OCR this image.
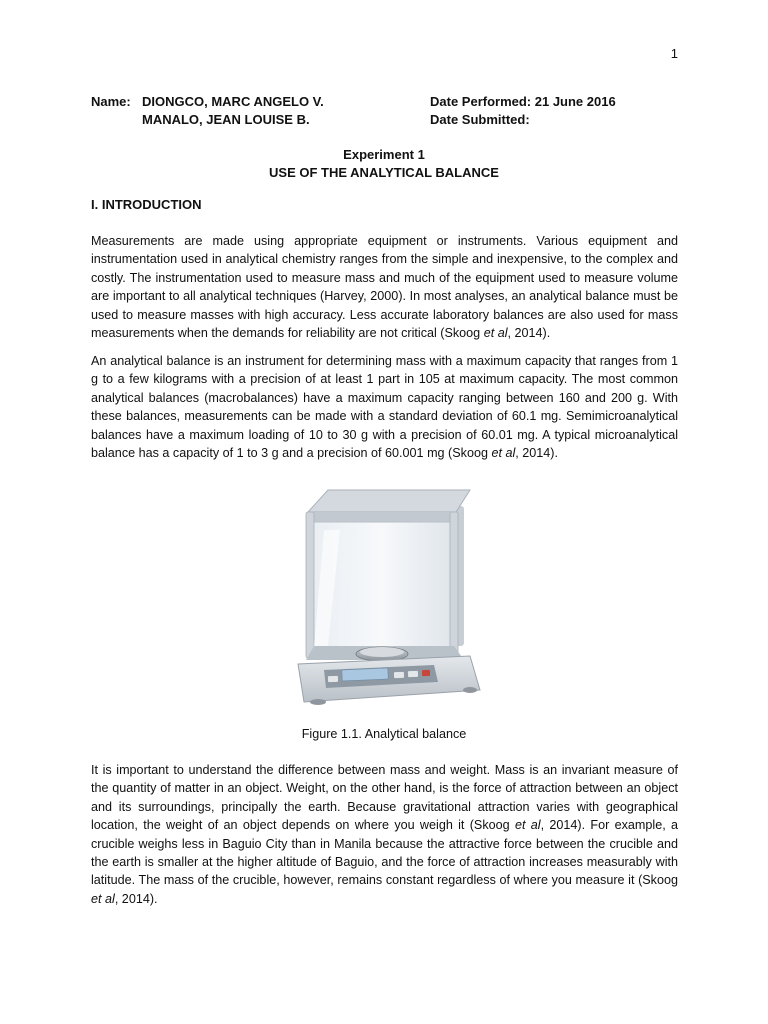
1
Name: DIONGCO, MARC ANGELO V.	Date Performed: 21 June 2016
MANALO, JEAN LOUISE B.	Date Submitted:
Experiment 1
USE OF THE ANALYTICAL BALANCE
I. INTRODUCTION

Measurements are made using appropriate equipment or instruments. Various equipment and instrumentation used in analytical chemistry ranges from the simple and inexpensive, to the complex and costly. The instrumentation used to measure mass and much of the equipment used to measure volume are important to all analytical techniques (Harvey, 2000). In most analyses, an analytical balance must be used to measure masses with high accuracy. Less accurate laboratory balances are also used for mass measurements when the demands for reliability are not critical (Skoog et al, 2014).

An analytical balance is an instrument for determining mass with a maximum capacity that ranges from 1 g to a few kilograms with a precision of at least 1 part in 105 at maximum capacity. The most common analytical balances (macrobalances) have a maximum capacity ranging between 160 and 200 g. With these balances, measurements can be made with a standard deviation of 60.1 mg. Semimicroanalytical balances have a maximum loading of 10 to 30 g with a precision of 60.01 mg. A typical microanalytical balance has a capacity of 1 to 3 g and a precision of 60.001 mg (Skoog et al, 2014).

Figure 1.1. Analytical balance

It is important to understand the difference between mass and weight. Mass is an invariant measure of the quantity of matter in an object. Weight, on the other hand, is the force of attraction between an object and its surroundings, principally the earth. Because gravitational attraction varies with geographical location, the weight of an object depends on where you weigh it (Skoog et al, 2014). For example, a crucible weighs less in Baguio City than in Manila because the attractive force between the crucible and the earth is smaller at the higher altitude of Baguio, and the force of attraction increases measurably with latitude. The mass of the crucible, however, remains constant regardless of where you measure it (Skoog et al, 2014).
